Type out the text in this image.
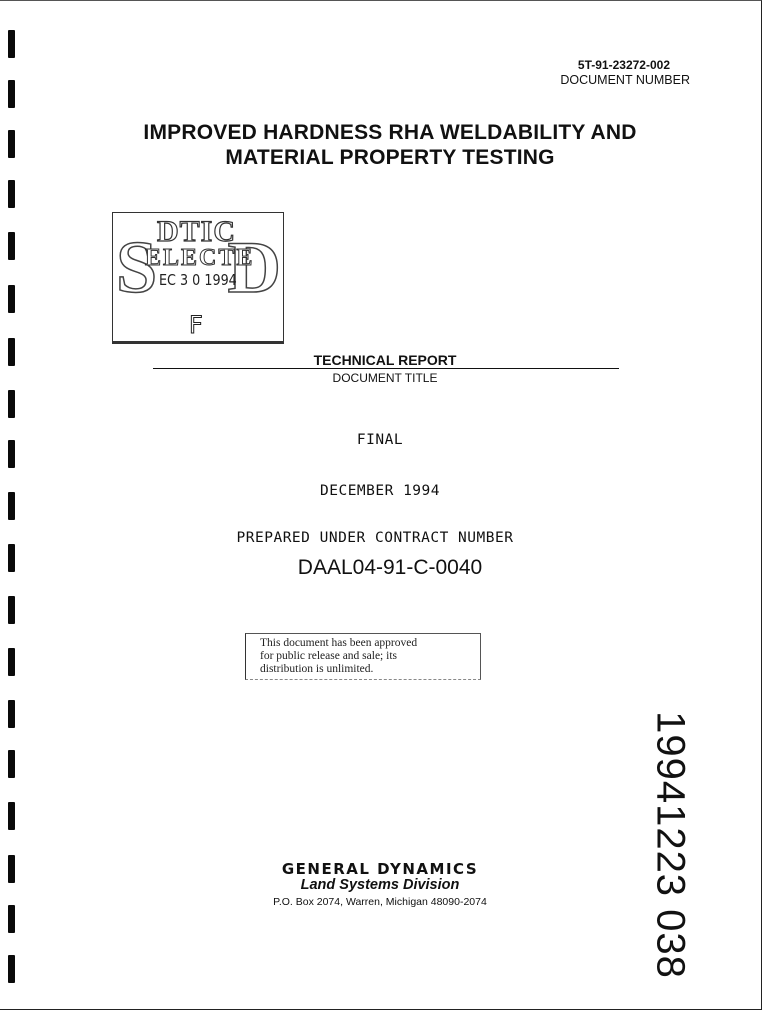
5T-91-23272-002
DOCUMENT NUMBER
IMPROVED HARDNESS RHA WELDABILITY AND
MATERIAL PROPERTY TESTING
S D
DTIC
ELECTE
EC 3 0 1994
F
TECHNICAL REPORT
DOCUMENT TITLE
FINAL
DECEMBER 1994
PREPARED UNDER CONTRACT NUMBER
DAAL04-91-C-0040
This document has been approved
for public release and sale; its
distribution is unlimited.
19941223 038
GENERAL DYNAMICS
Land Systems Division
P.O. Box 2074, Warren, Michigan 48090-2074
